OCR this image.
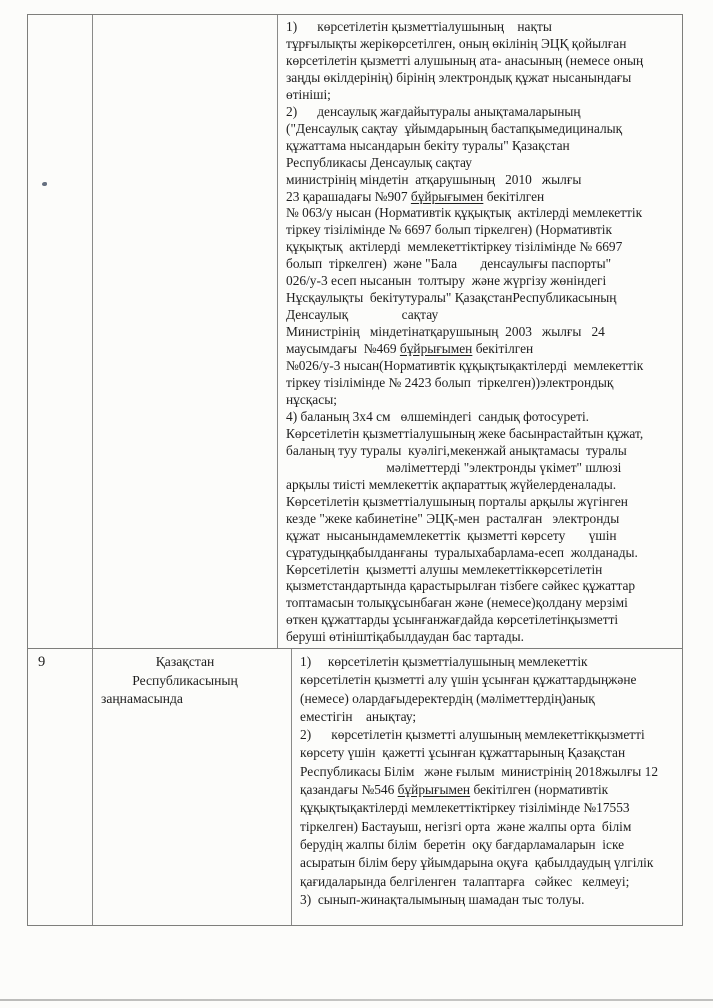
1)      көрсетілетін қызметтіалушының    нақты
тұрғылықты жерікөрсетілген, оның өкілінің ЭЦҚ қойылған
көрсетілетін қызметті алушының ата- анасының (немесе оның
заңды өкілдерінің) бірінің электрондық құжат нысанындағы
өтініші;
2)      денсаулық жағдайытуралы анықтамаларының
("Денсаулық сақтау  ұйымдарының бастапқымедициналық
құжаттама нысандарын бекіту туралы" Қазақстан
Республикасы Денсаулық сақтау
министрінің міндетін  атқарушының   2010   жылғы
23 қарашадағы №907 бұйрығымен бекітілген
№ 063/у нысан (Нормативтік құқықтық  актілерді мемлекеттік
тіркеу тізілімінде № 6697 болып тіркелген) (Нормативтік
құқықтық  актілерді  мемлекеттіктіркеу тізілімінде № 6697
болып  тіркелген)  және "Бала       денсаулығы паспорты"
026/у-3 есеп нысанын  толтыру  және жүргізу жөніндегі
Нұсқаулықты  бекітутуралы" ҚазақстанРеспубликасының
Денсаулық                сақтау
Министрінің   міндетінатқарушының  2003   жылғы   24
маусымдағы  №469 бұйрығымен бекітілген
№026/у-3 нысан(Нормативтік құқықтықактілерді  мемлекеттік
тіркеу тізілімінде № 2423 болып  тіркелген))электрондық
нұсқасы;
4) баланың 3х4 см   өлшеміндегі  сандық фотосуреті.
Көрсетілетін қызметтіалушының жеке басынрастайтын құжат,
баланың туу туралы  куәлігі,мекенжай анықтамасы  туралы
мәліметтерді "электронды үкімет" шлюзі
арқылы тиісті мемлекеттік ақпараттық жүйелерденалады.
Көрсетілетін қызметтіалушының порталы арқылы жүгінген
кезде "жеке кабинетіне" ЭЦҚ-мен  расталған   электронды
құжат  нысанындамемлекеттік  қызметті көрсету       үшін
сұратудыңқабылданғаны  туралыхабарлама-есеп  жолданады.
Көрсетілетін  қызметті алушы мемлекеттіккөрсетілетін
қызметстандартында қарастырылған тізбеге сәйкес құжаттар
топтамасын толықұсынбаған және (немесе)қолдану мерзімі
өткен құжаттарды ұсынғанжағдайда көрсетілетінқызметті
беруші өтініштіқабылдаудан бас тартады.
9	Қазақстан
Республикасының
заңнамасында
1)     көрсетілетін қызметтіалушының мемлекеттік
көрсетілетін қызметті алу үшін ұсынған құжаттардыңжәне
(немесе) олардағыдеректердің (мәліметтердің)анық
еместігін    анықтау;
2)      көрсетілетін қызметті алушының мемлекеттікқызметті
көрсету үшін  қажетті ұсынған құжаттарының Қазақстан
Республикасы Білім   және ғылым  министрінің 2018жылғы 12
қазандағы №546 бұйрығымен бекітілген (нормативтік
құқықтықактілерді мемлекеттіктіркеу тізілімінде №17553
тіркелген) Бастауыш, негізгі орта  және жалпы орта  білім
берудің жалпы білім  беретін  оқу бағдарламаларын  іске
асыратын білім беру ұйымдарына оқуға  қабылдаудың үлгілік
қағидаларында белгіленген  талаптарға   сәйкес   келмеуі;
3)  сынып-жинақталымының шамадан тыс толуы.
